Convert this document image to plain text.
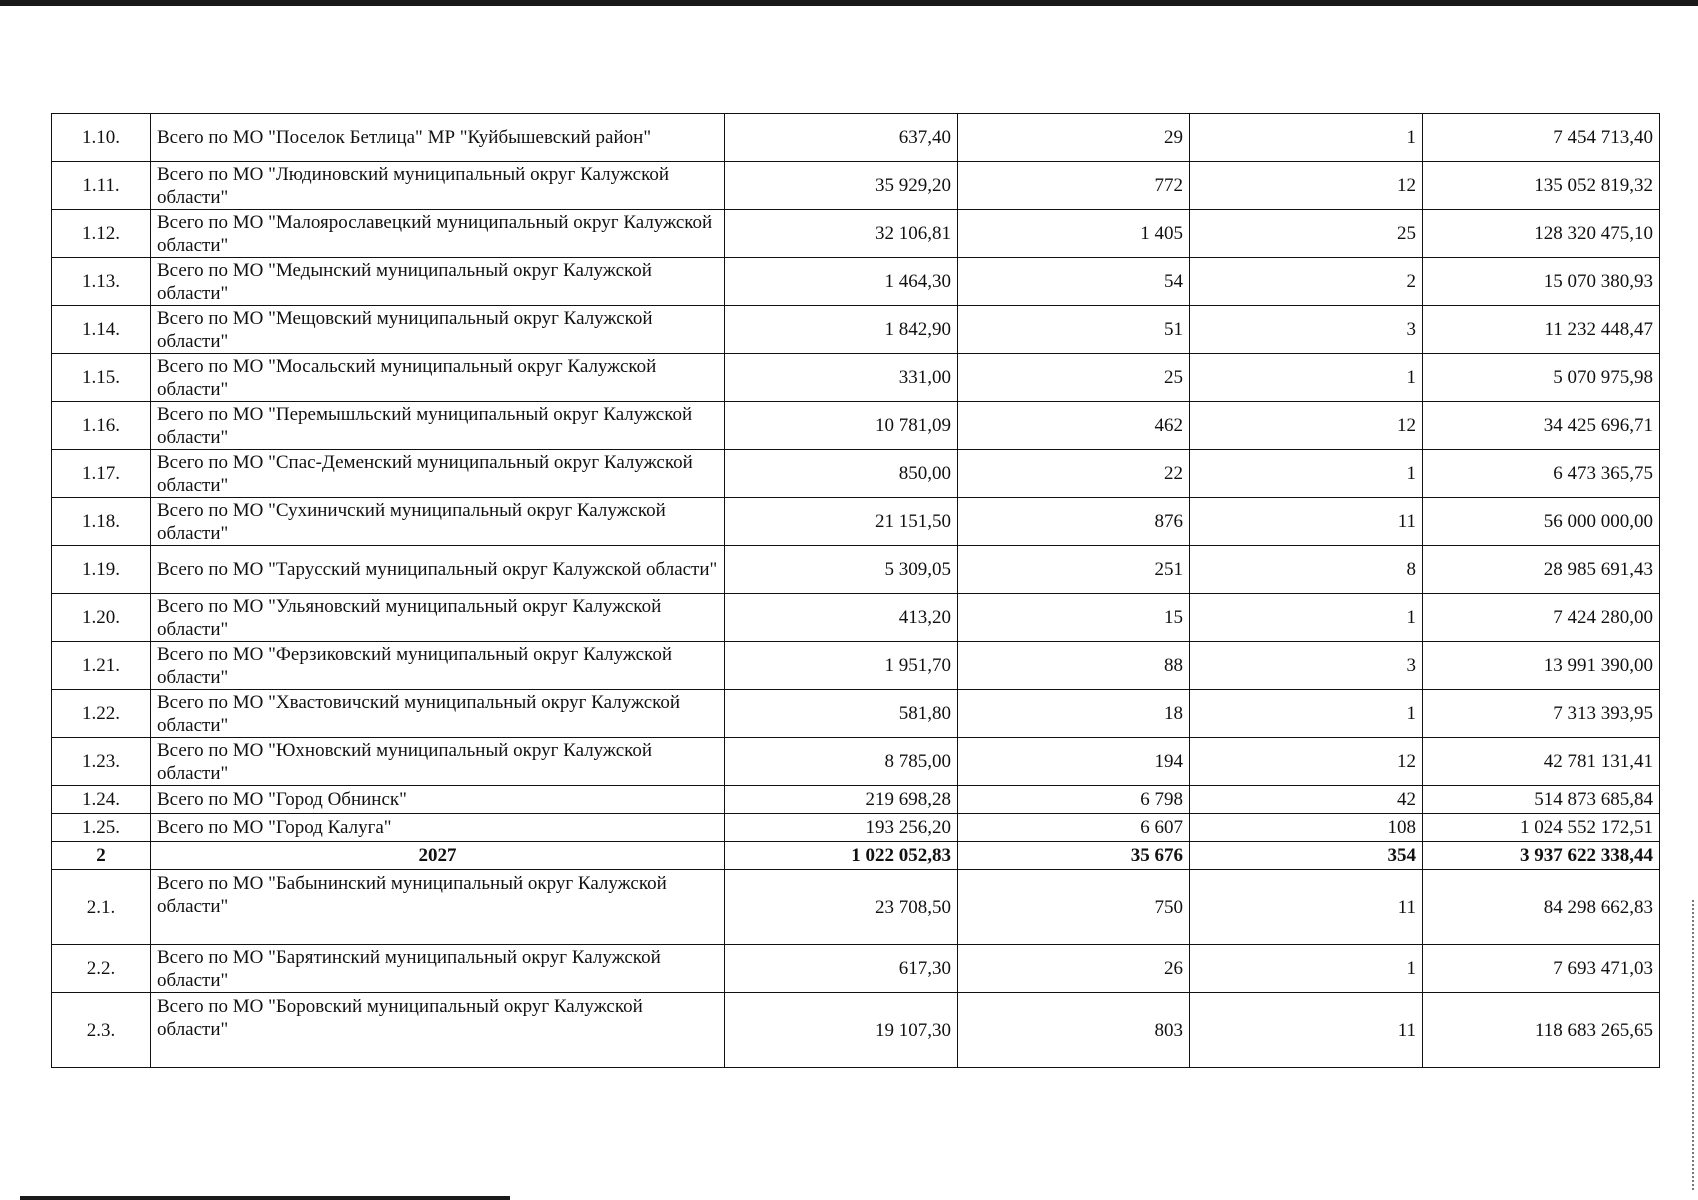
1.10.	Всего по МО "Поселок Бетлица" МР "Куйбышевский район"	637,40	29	1	7 454 713,40
1.11.	Всего по МО "Людиновский муниципальный округ Калужской области"	35 929,20	772	12	135 052 819,32
1.12.	Всего по МО "Малоярославецкий муниципальный округ Калужской области"	32 106,81	1 405	25	128 320 475,10
1.13.	Всего по МО "Медынский муниципальный округ Калужской области"	1 464,30	54	2	15 070 380,93
1.14.	Всего по МО "Мещовский муниципальный округ Калужской области"	1 842,90	51	3	11 232 448,47
1.15.	Всего по МО "Мосальский муниципальный округ Калужской области"	331,00	25	1	5 070 975,98
1.16.	Всего по МО "Перемышльский муниципальный округ Калужской области"	10 781,09	462	12	34 425 696,71
1.17.	Всего по МО "Спас-Деменский муниципальный округ Калужской области"	850,00	22	1	6 473 365,75
1.18.	Всего по МО "Сухиничский муниципальный округ Калужской области"	21 151,50	876	11	56 000 000,00
1.19.	Всего по МО "Тарусский муниципальный округ Калужской области"	5 309,05	251	8	28 985 691,43
1.20.	Всего по МО "Ульяновский муниципальный округ Калужской области"	413,20	15	1	7 424 280,00
1.21.	Всего по МО "Ферзиковский муниципальный округ Калужской области"	1 951,70	88	3	13 991 390,00
1.22.	Всего по МО "Хвастовичский муниципальный округ Калужской области"	581,80	18	1	7 313 393,95
1.23.	Всего по МО "Юхновский муниципальный округ Калужской области"	8 785,00	194	12	42 781 131,41
1.24.	Всего по МО "Город Обнинск"	219 698,28	6 798	42	514 873 685,84
1.25.	Всего по МО "Город Калуга"	193 256,20	6 607	108	1 024 552 172,51
2	2027	1 022 052,83	35 676	354	3 937 622 338,44
2.1.	Всего по МО "Бабынинский муниципальный округ Калужской области"	23 708,50	750	11	84 298 662,83
2.2.	Всего по МО "Барятинский муниципальный округ Калужской области"	617,30	26	1	7 693 471,03
2.3.	Всего по МО "Боровский муниципальный округ Калужской области"	19 107,30	803	11	118 683 265,65
